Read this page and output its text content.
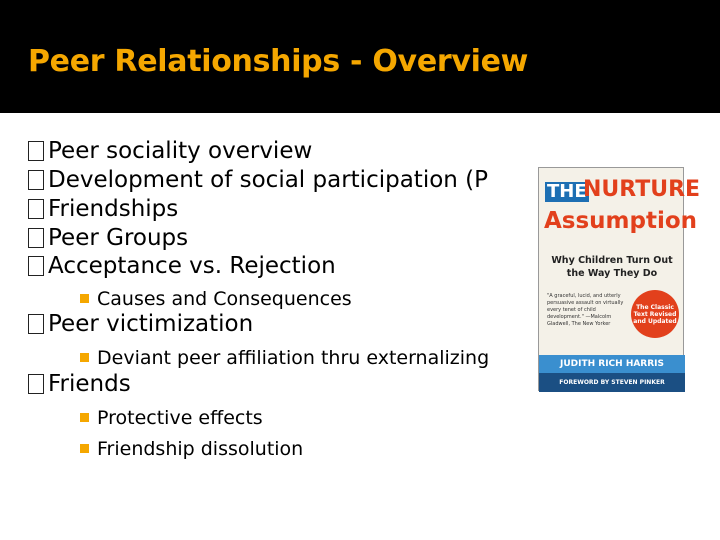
Peer Relationships - Overview
Peer sociality overview
Development of social participation (P
Friendships
Peer Groups
Acceptance vs. Rejection
Causes and Consequences
Peer victimization
Deviant peer affiliation thru externalizing
Friends
Protective effects
Friendship dissolution
THE
NURTURE
Assumption
Why Children Turn Out
the Way They Do
"A graceful, lucid, and utterly persuasive assault on virtually every tenet of child development." —Malcolm Gladwell, The New Yorker
The Classic Text Revised and Updated
JUDITH RICH HARRIS
FOREWORD BY STEVEN PINKER
